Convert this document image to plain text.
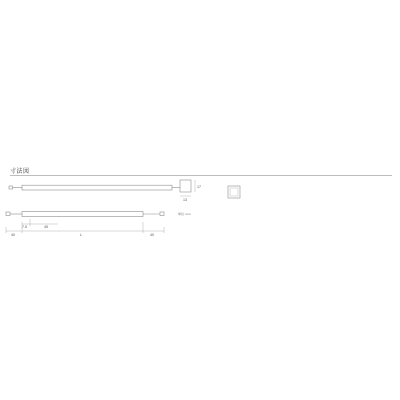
寸法図
13
17
40	L	40
7.5	45
単位: mm
